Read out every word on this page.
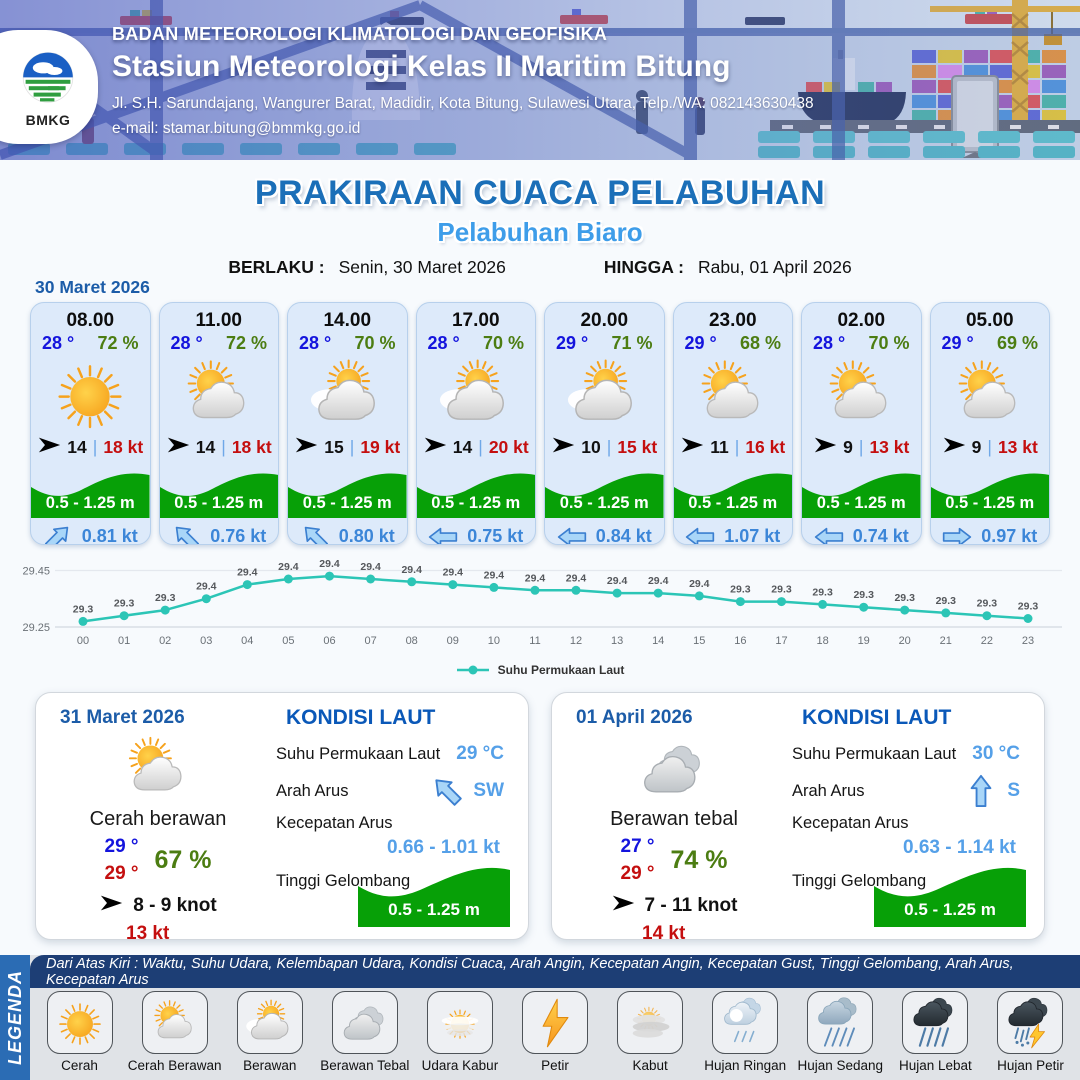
BMKG
BADAN METEOROLOGI KLIMATOLOGI DAN GEOFISIKA
Stasiun Meteorologi Kelas II Maritim Bitung
Jl. S.H. Sarundajang, Wangurer Barat, Madidir, Kota Bitung, Sulawesi Utara, Telp./WA: 082143630438
e-mail: stamar.bitung@bmmkg.go.id
PRAKIRAAN CUACA PELABUHAN
Pelabuhan Biaro
BERLAKU : Senin, 30 Maret 2026	HINGGA : Rabu, 01 April 2026
30 Maret 2026
08.00
28 ° 72 %
14 | 18 kt
0.5 - 1.25 m
0.81 kt
11.00
28 ° 72 %
14 | 18 kt
0.5 - 1.25 m
0.76 kt
14.00
28 ° 70 %
15 | 19 kt
0.5 - 1.25 m
0.80 kt
17.00
28 ° 70 %
14 | 20 kt
0.5 - 1.25 m
0.75 kt
20.00
29 ° 71 %
10 | 15 kt
0.5 - 1.25 m
0.84 kt
23.00
29 ° 68 %
11 | 16 kt
0.5 - 1.25 m
1.07 kt
02.00
28 ° 70 %
9 | 13 kt
0.5 - 1.25 m
0.74 kt
05.00
29 ° 69 %
9 | 13 kt
0.5 - 1.25 m
0.97 kt
29.45
29.25
29.3
00
29.3
01
29.3
02
29.4
03
29.4
04
29.4
05
29.4
06
29.4
07
29.4
08
29.4
09
29.4
10
29.4
11
29.4
12
29.4
13
29.4
14
29.4
15
29.3
16
29.3
17
29.3
18
29.3
19
29.3
20
29.3
21
29.3
22
29.3
23
Suhu Permukaan Laut
31 Maret 2026
Cerah berawan
29 °
29 ° 67 %
8 - 9 knot
13 kt
KONDISI LAUT
Suhu Permukaan Laut 29 °C
Arah Arus	SW
Kecepatan Arus
0.66 - 1.01 kt
Tinggi Gelombang
0.5 - 1.25 m
01 April 2026
Berawan tebal
27 °
29 ° 74 %
7 - 11 knot
14 kt
KONDISI LAUT
Suhu Permukaan Laut 30 °C
Arah Arus	S
Kecepatan Arus
0.63 - 1.14 kt
Tinggi Gelombang
0.5 - 1.25 m
LEGENDA
Dari Atas Kiri : Waktu, Suhu Udara, Kelembapan Udara, Kondisi Cuaca, Arah Angin, Kecepatan Angin, Kecepatan Gust, Tinggi Gelombang, Arah Arus, Kecepatan Arus
Cerah Cerah Berawan Berawan Berawan Tebal Udara Kabur	Petir	Kabut	Hujan Ringan Hujan Sedang Hujan Lebat Hujan Petir
